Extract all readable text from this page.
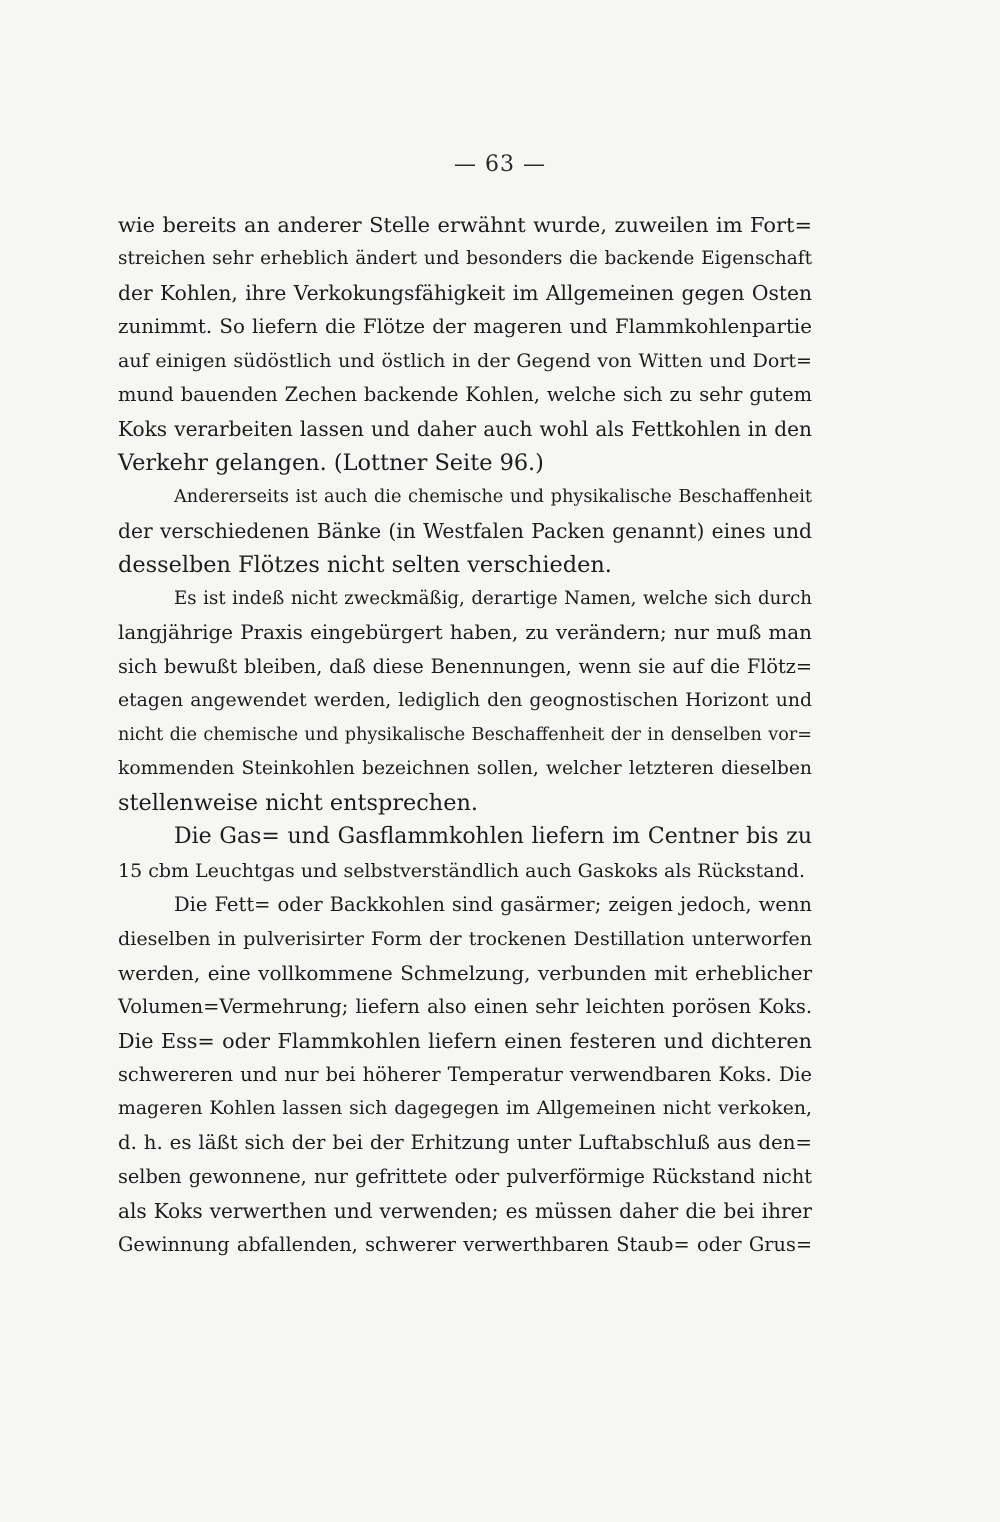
— 63 —
wie bereits an anderer Stelle erwähnt wurde, zuweilen im Fort=
streichen sehr erheblich ändert und besonders die backende Eigenschaft
der Kohlen, ihre Verkokungsfähigkeit im Allgemeinen gegen Osten
zunimmt. So liefern die Flötze der mageren und Flammkohlenpartie
auf einigen südöstlich und östlich in der Gegend von Witten und Dort=
mund bauenden Zechen backende Kohlen, welche sich zu sehr gutem
Koks verarbeiten lassen und daher auch wohl als Fettkohlen in den
Verkehr gelangen. (Lottner Seite 96.)
Andererseits ist auch die chemische und physikalische Beschaffenheit
der verschiedenen Bänke (in Westfalen Packen genannt) eines und
desselben Flötzes nicht selten verschieden.
Es ist indeß nicht zweckmäßig, derartige Namen, welche sich durch
langjährige Praxis eingebürgert haben, zu verändern; nur muß man
sich bewußt bleiben, daß diese Benennungen, wenn sie auf die Flötz=
etagen angewendet werden, lediglich den geognostischen Horizont und
nicht die chemische und physikalische Beschaffenheit der in denselben vor=
kommenden Steinkohlen bezeichnen sollen, welcher letzteren dieselben
stellenweise nicht entsprechen.
Die Gas= und Gasflammkohlen liefern im Centner bis zu
15 cbm Leuchtgas und selbstverständlich auch Gaskoks als Rückstand.
Die Fett= oder Backkohlen sind gasärmer; zeigen jedoch, wenn
dieselben in pulverisirter Form der trockenen Destillation unterworfen
werden, eine vollkommene Schmelzung, verbunden mit erheblicher
Volumen=Vermehrung; liefern also einen sehr leichten porösen Koks.
Die Ess= oder Flammkohlen liefern einen festeren und dichteren
schwereren und nur bei höherer Temperatur verwendbaren Koks. Die
mageren Kohlen lassen sich dagegegen im Allgemeinen nicht verkoken,
d. h. es läßt sich der bei der Erhitzung unter Luftabschluß aus den=
selben gewonnene, nur gefrittete oder pulverförmige Rückstand nicht
als Koks verwerthen und verwenden; es müssen daher die bei ihrer
Gewinnung abfallenden, schwerer verwerthbaren Staub= oder Grus=
